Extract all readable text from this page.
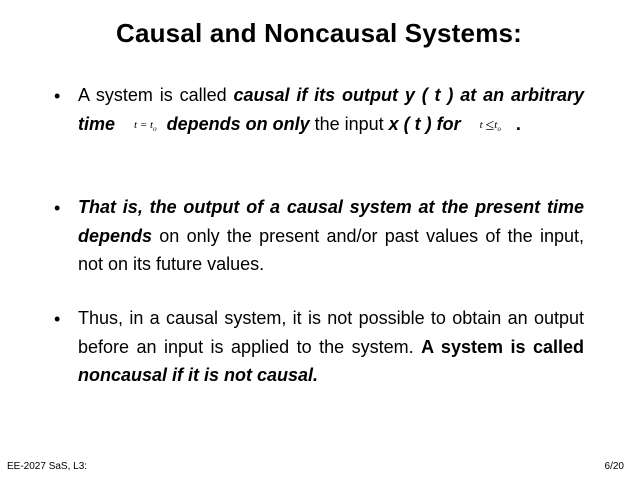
Causal and Noncausal Systems:
• A system is called causal if its output y ( t ) at an arbitrary time $t = t_o$ depends on only the input x ( t ) for $t \le t_o$ .
• That is, the output of a causal system at the present time depends on only the present and/or past values of the input, not on its future values.
• Thus, in a causal system, it is not possible to obtain an output before an input is applied to the system. A system is called noncausal if it is not causal.
EE-2027 SaS, L3:	6/20
